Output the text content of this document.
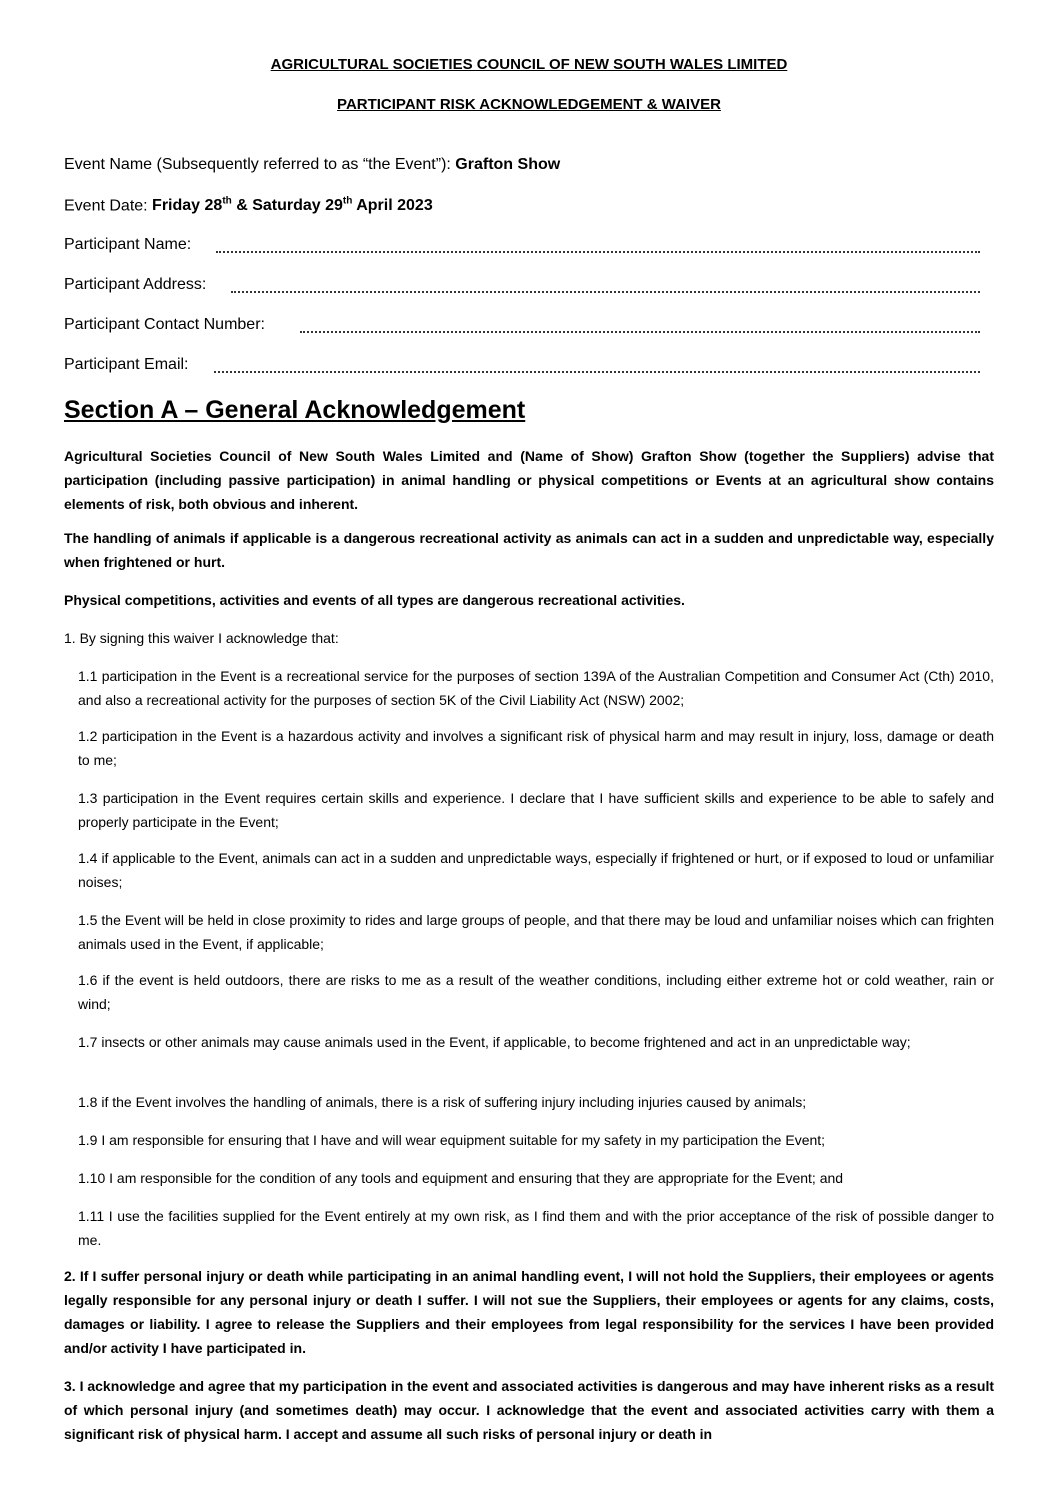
AGRICULTURAL SOCIETIES COUNCIL OF NEW SOUTH WALES LIMITED
PARTICIPANT RISK ACKNOWLEDGEMENT & WAIVER
Event Name (Subsequently referred to as “the Event”): Grafton Show
Event Date: Friday 28th & Saturday 29th April 2023
Participant Name:
Participant Address:
Participant Contact Number:
Participant Email:
Section A – General Acknowledgement
Agricultural Societies Council of New South Wales Limited and (Name of Show) Grafton Show (together the Suppliers) advise that participation (including passive participation) in animal handling or physical competitions or Events at an agricultural show contains elements of risk, both obvious and inherent.
The handling of animals if applicable is a dangerous recreational activity as animals can act in a sudden and unpredictable way, especially when frightened or hurt.
Physical competitions, activities and events of all types are dangerous recreational activities.
1. By signing this waiver I acknowledge that:
1.1 participation in the Event is a recreational service for the purposes of section 139A of the Australian Competition and Consumer Act (Cth) 2010, and also a recreational activity for the purposes of section 5K of the Civil Liability Act (NSW) 2002;
1.2 participation in the Event is a hazardous activity and involves a significant risk of physical harm and may result in injury, loss, damage or death to me;
1.3 participation in the Event requires certain skills and experience. I declare that I have sufficient skills and experience to be able to safely and properly participate in the Event;
1.4 if applicable to the Event, animals can act in a sudden and unpredictable ways, especially if frightened or hurt, or if exposed to loud or unfamiliar noises;
1.5 the Event will be held in close proximity to rides and large groups of people, and that there may be loud and unfamiliar noises which can frighten animals used in the Event, if applicable;
1.6 if the event is held outdoors, there are risks to me as a result of the weather conditions, including either extreme hot or cold weather, rain or wind;
1.7 insects or other animals may cause animals used in the Event, if applicable, to become frightened and act in an unpredictable way;
1.8 if the Event involves the handling of animals, there is a risk of suffering injury including injuries caused by animals;
1.9 I am responsible for ensuring that I have and will wear equipment suitable for my safety in my participation the Event;
1.10 I am responsible for the condition of any tools and equipment and ensuring that they are appropriate for the Event; and
1.11 I use the facilities supplied for the Event entirely at my own risk, as I find them and with the prior acceptance of the risk of possible danger to me.
2. If I suffer personal injury or death while participating in an animal handling event, I will not hold the Suppliers, their employees or agents legally responsible for any personal injury or death I suffer. I will not sue the Suppliers, their employees or agents for any claims, costs, damages or liability. I agree to release the Suppliers and their employees from legal responsibility for the services I have been provided and/or activity I have participated in.
3. I acknowledge and agree that my participation in the event and associated activities is dangerous and may have inherent risks as a result of which personal injury (and sometimes death) may occur. I acknowledge that the event and associated activities carry with them a significant risk of physical harm. I accept and assume all such risks of personal injury or death in
